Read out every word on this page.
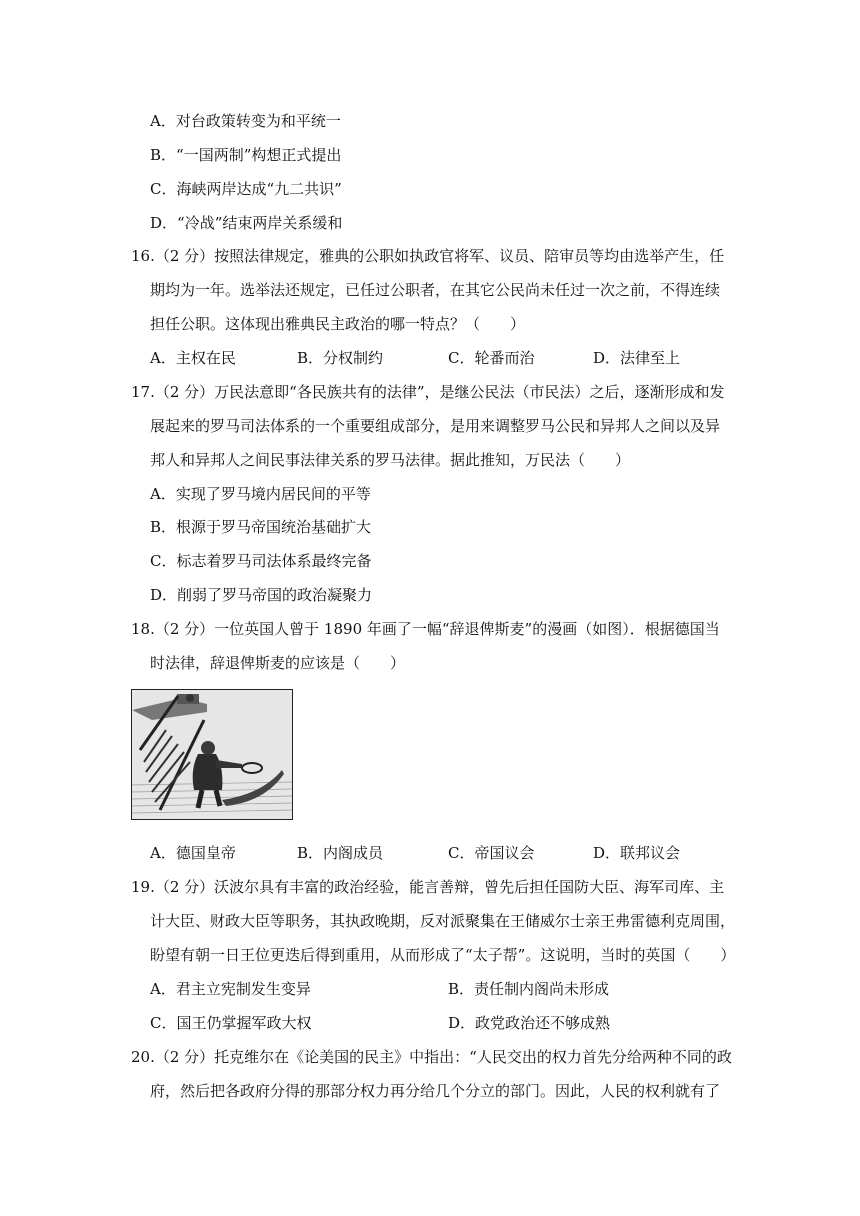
A．对台政策转变为和平统一
B．“一国两制”构想正式提出
C．海峡两岸达成“九二共识”
D．“冷战”结束两岸关系缓和
16.（2 分）按照法律规定，雅典的公职如执政官将军、议员、陪审员等均由选举产生，任
期均为一年。选举法还规定，已任过公职者，在其它公民尚未任过一次之前，不得连续
担任公职。这体现出雅典民主政治的哪一特点？（　　）
A．主权在民	B．分权制约	C．轮番而治	D．法律至上
17.（2 分）万民法意即“各民族共有的法律”，是继公民法（市民法）之后，逐渐形成和发
展起来的罗马司法体系的一个重要组成部分，是用来调整罗马公民和异邦人之间以及异
邦人和异邦人之间民事法律关系的罗马法律。据此推知，万民法（　　）
A．实现了罗马境内居民间的平等
B．根源于罗马帝国统治基础扩大
C．标志着罗马司法体系最终完备
D．削弱了罗马帝国的政治凝聚力
18.（2 分）一位英国人曾于 1890 年画了一幅“辞退俾斯麦”的漫画（如图）．根据德国当
时法律，辞退俾斯麦的应该是（　　）
A．德国皇帝	B．内阁成员	C．帝国议会	D．联邦议会
19.（2 分）沃波尔具有丰富的政治经验，能言善辩，曾先后担任国防大臣、海军司库、主
计大臣、财政大臣等职务，其执政晚期，反对派聚集在王储威尔士亲王弗雷德利克周围，
盼望有朝一日王位更迭后得到重用，从而形成了“太子帮”。这说明，当时的英国（　　）
A．君主立宪制发生变异	B．责任制内阁尚未形成
C．国王仍掌握军政大权	D．政党政治还不够成熟
20.（2 分）托克维尔在《论美国的民主》中指出：“人民交出的权力首先分给两种不同的政
府，然后把各政府分得的那部分权力再分给几个分立的部门。因此，人民的权利就有了
